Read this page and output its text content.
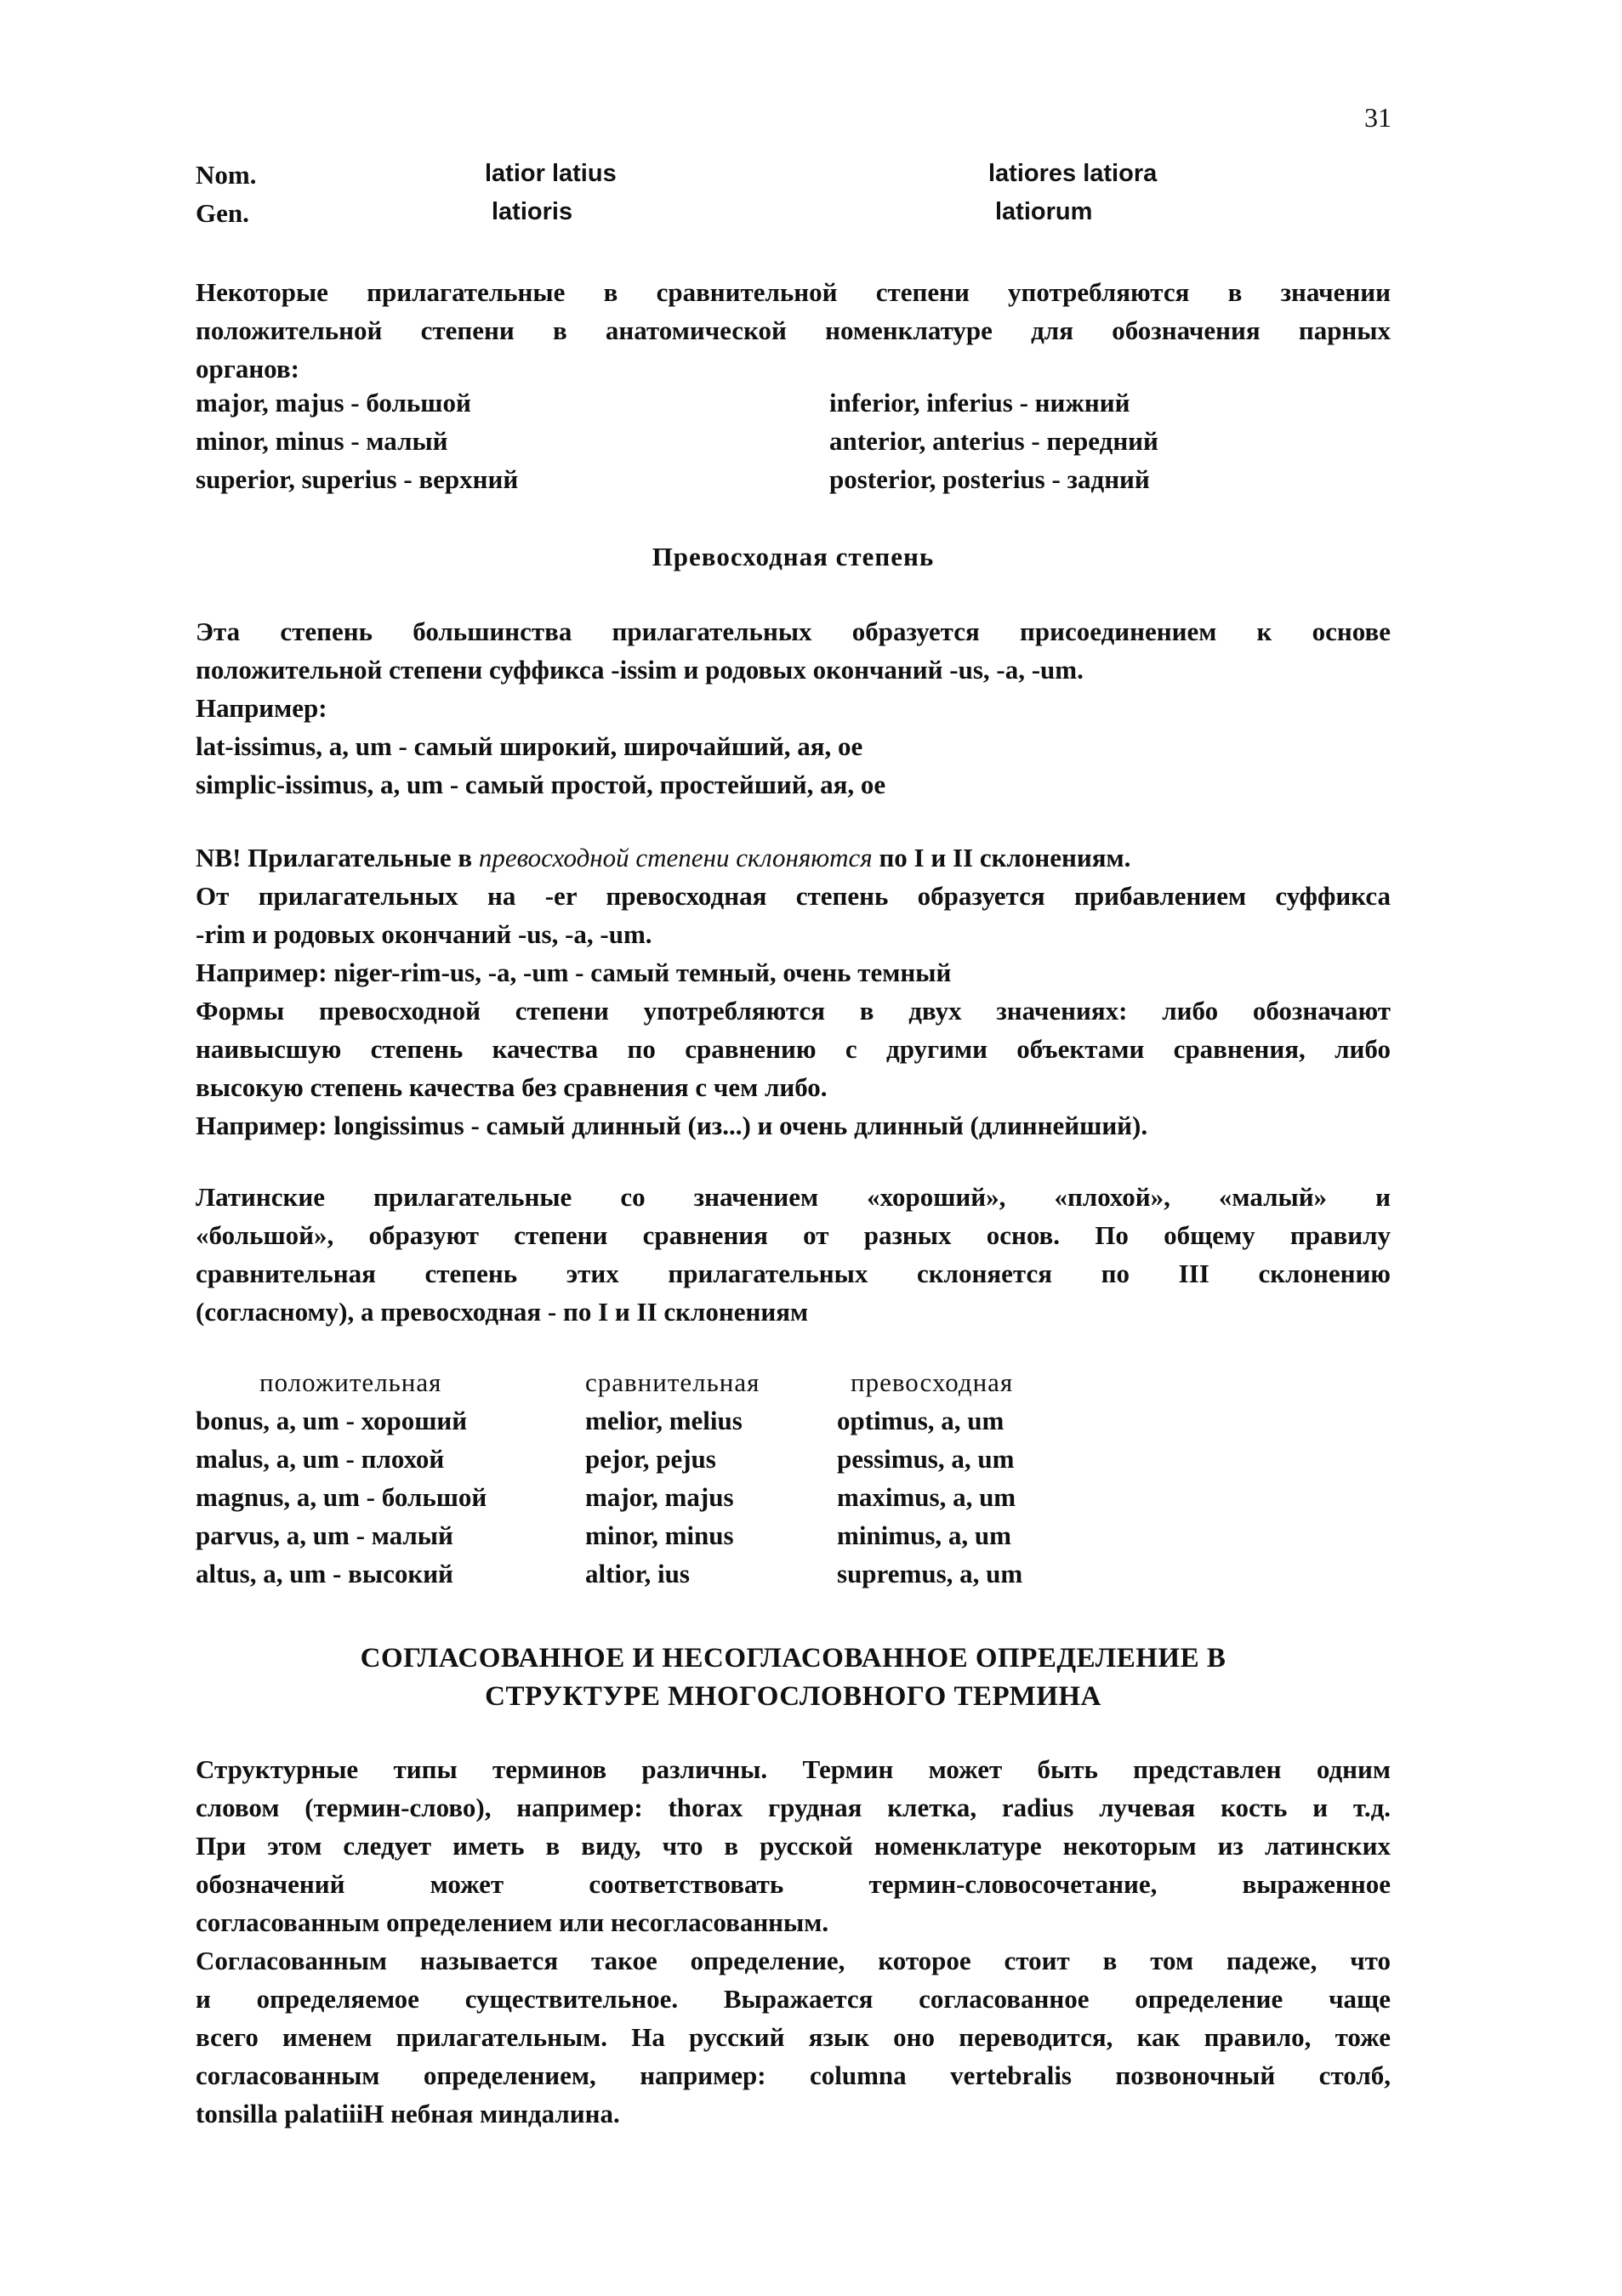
31
Nom.	latior latius	latiores latiora
Gen.	latioris	latiorum
Некоторые прилагательные в сравнительной степени употребляются в значении
положительной степени в анатомической номенклатуре для обозначения парных
органов:
major, majus - большой	inferior, inferius - нижний
minor, minus - малый	anterior, anterius - передний
superior, superius - верхний	posterior, posterius - задний
Превосходная степень
Эта степень большинства прилагательных образуется присоединением к основе
положительной степени суффикса -issim и родовых окончаний -us, -a, -um.
Например:
lat-issimus, a, um - самый широкий, широчайший, ая, ое
simplic-issimus, a, um - самый простой, простейший, ая, ое
NB! Прилагательные в превосходной степени склоняются по I и II склонениям.
От прилагательных на -er превосходная степень образуется прибавлением суффикса
-rim и родовых окончаний -us, -a, -um.
Например: niger-rim-us, -a, -um - самый темный, очень темный
Формы превосходной степени употребляются в двух значениях: либо обозначают
наивысшую степень качества по сравнению с другими объектами сравнения, либо
высокую степень качества без сравнения с чем либо.
Например: longissimus - самый длинный (из...) и очень длинный (длиннейший).
Латинские прилагательные со значением «хороший», «плохой», «малый» и
«большой», образуют степени сравнения от разных основ. По общему правилу
сравнительная степень этих прилагательных склоняется по III склонению
(согласному), а превосходная - по I и II склонениям
положительная	сравнительная	превосходная
bonus, a, um - хороший	melior, melius	optimus, a, um
malus, a, um - плохой	pejor, pejus	pessimus, a, um
magnus, a, um - большой	major, majus	maximus, a, um
parvus, a, um - малый	minor, minus	minimus, a, um
altus, a, um - высокий	altior, ius	supremus, a, um
СОГЛАСОВАННОЕ И НЕСОГЛАСОВАННОЕ ОПРЕДЕЛЕНИЕ В
СТРУКТУРЕ МНОГОСЛОВНОГО ТЕРМИНА
Структурные типы терминов различны. Термин может быть представлен одним
словом (термин-слово), например: thorax грудная клетка, radius лучевая кость и т.д.
При этом следует иметь в виду, что в русской номенклатуре некоторым из латинских
обозначений может соответствовать термин-словосочетание, выраженное
согласованным определением или несогласованным.
Согласованным называется такое определение, которое стоит в том падеже, что
и определяемое существительное. Выражается согласованное определение чаще
всего именем прилагательным. На русский язык оно переводится, как правило, тоже
согласованным определением, например: columna vertebralis позвоночный столб,
tonsilla palatiiiН небная миндалина.
